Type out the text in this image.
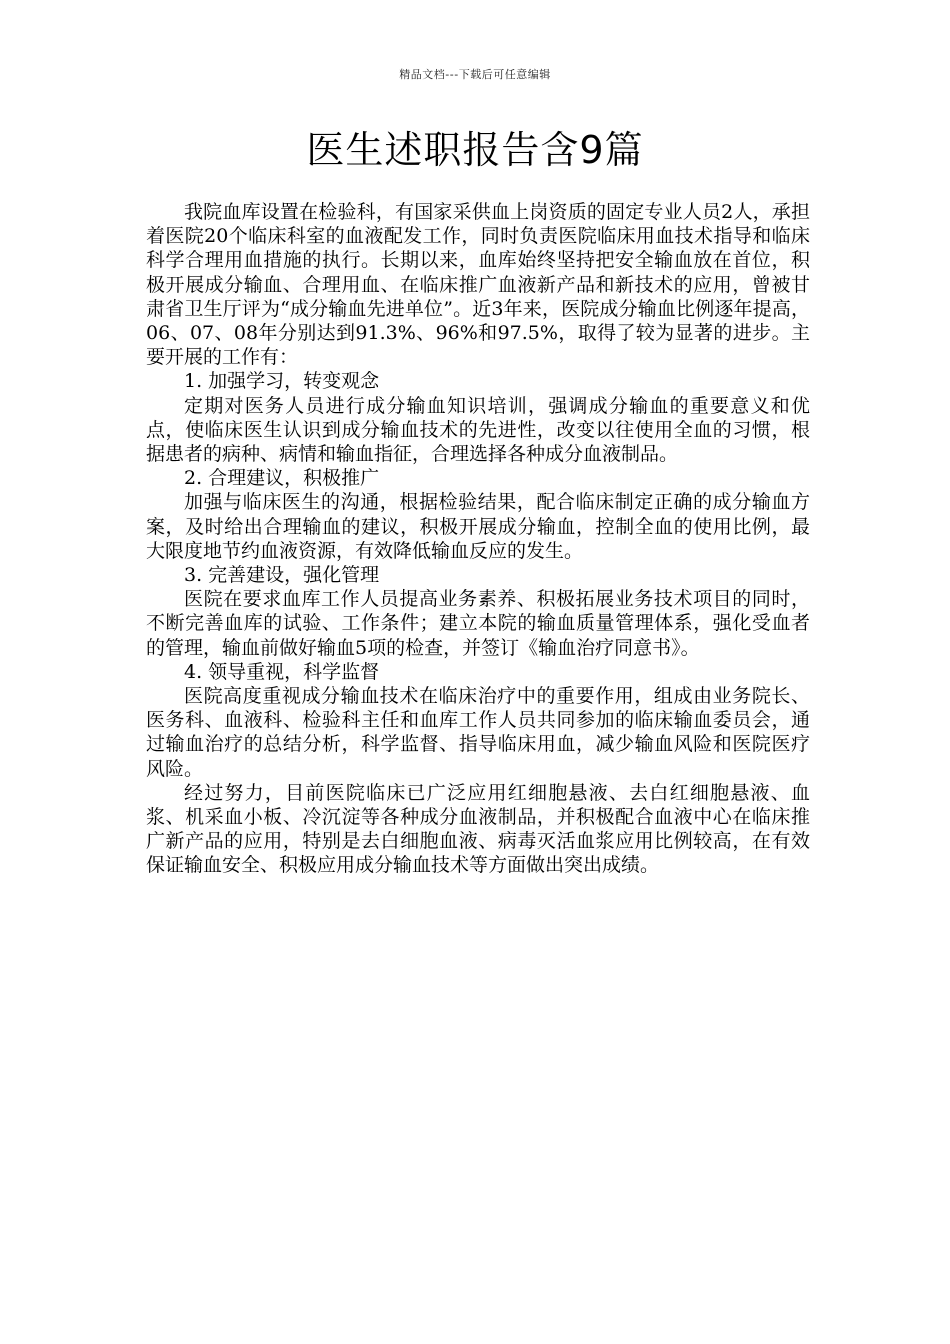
精品文档---下载后可任意编辑
医生述职报告含9篇

我院血库设置在检验科，有国家采供血上岗资质的固定专业人员2人，承担着医院20个临床科室的血液配发工作，同时负责医院临床用血技术指导和临床科学合理用血措施的执行。长期以来，血库始终坚持把安全输血放在首位，积极开展成分输血、合理用血、在临床推广血液新产品和新技术的应用，曾被甘肃省卫生厅评为“成分输血先进单位”。近3年来，医院成分输血比例逐年提高，06、07、08年分别达到91.3%、96%和97.5%，取得了较为显著的进步。主要开展的工作有：

1. 加强学习，转变观念

定期对医务人员进行成分输血知识培训，强调成分输血的重要意义和优点，使临床医生认识到成分输血技术的先进性，改变以往使用全血的习惯，根据患者的病种、病情和输血指征，合理选择各种成分血液制品。

2. 合理建议，积极推广

加强与临床医生的沟通，根据检验结果，配合临床制定正确的成分输血方案，及时给出合理输血的建议，积极开展成分输血，控制全血的使用比例，最大限度地节约血液资源，有效降低输血反应的发生。

3. 完善建设，强化管理

医院在要求血库工作人员提高业务素养、积极拓展业务技术项目的同时，不断完善血库的试验、工作条件；建立本院的输血质量管理体系，强化受血者的管理，输血前做好输血5项的检查，并签订《输血治疗同意书》。

4. 领导重视，科学监督

医院高度重视成分输血技术在临床治疗中的重要作用，组成由业务院长、医务科、血液科、检验科主任和血库工作人员共同参加的临床输血委员会，通过输血治疗的总结分析，科学监督、指导临床用血，减少输血风险和医院医疗风险。

经过努力，目前医院临床已广泛应用红细胞悬液、去白红细胞悬液、血浆、机采血小板、冷沉淀等各种成分血液制品，并积极配合血液中心在临床推广新产品的应用，特别是去白细胞血液、病毒灭活血浆应用比例较高，在有效保证输血安全、积极应用成分输血技术等方面做出突出成绩。
